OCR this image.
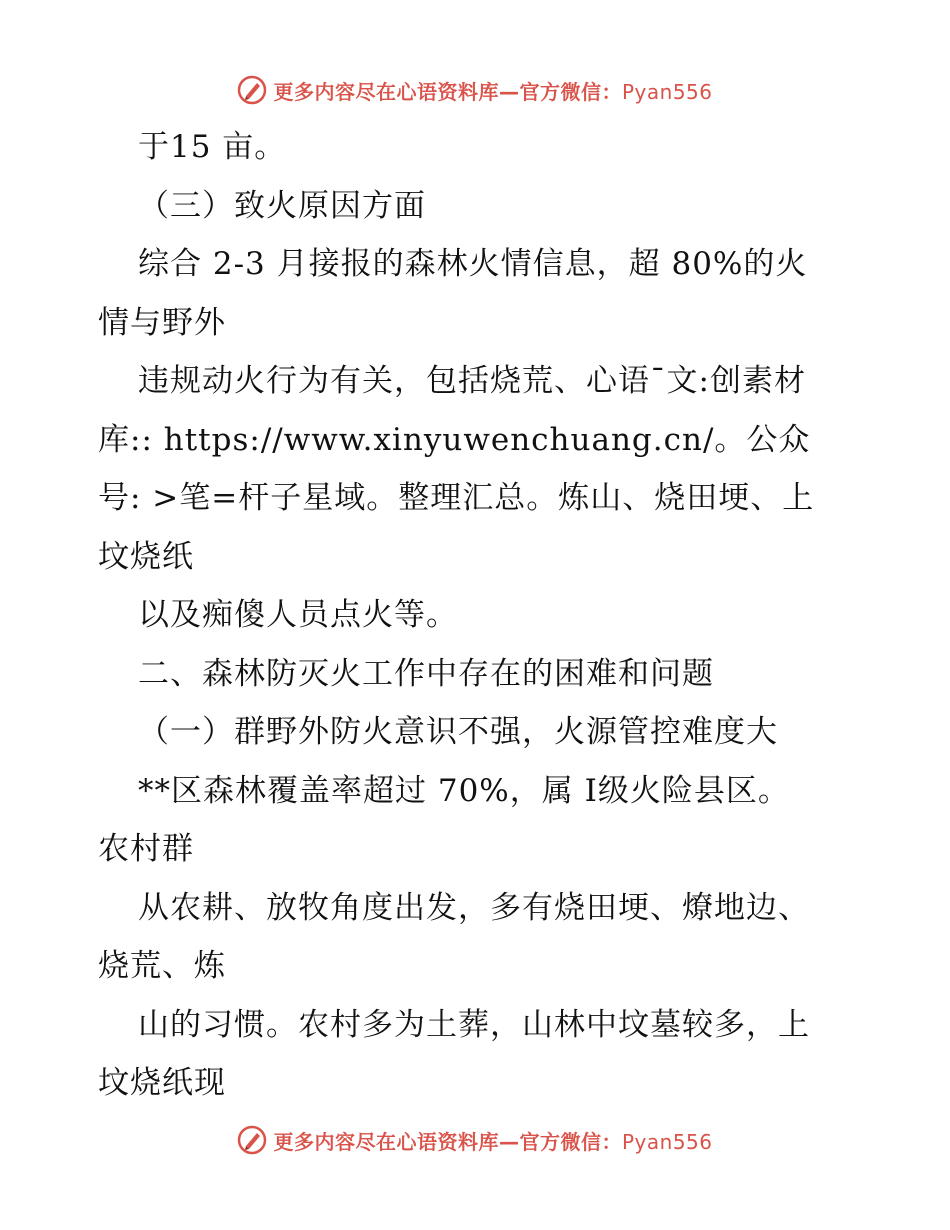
更多内容尽在心语资料库—官方微信：Pyan556
于15 亩。
（三）致火原因方面
综合 2-3 月接报的森林火情信息，超 80%的火
情与野外
违规动火行为有关，包括烧荒、心语¯文:创素材
库:: https://www.xinyuwenchuang.cn/。公众
号: >笔=杆子星域。整理汇总。炼山、烧田埂、上
坟烧纸
以及痴傻人员点火等。
二、森林防灭火工作中存在的困难和问题
（一）群野外防火意识不强，火源管控难度大
**区森林覆盖率超过 70%，属 I级火险县区。
农村群
从农耕、放牧角度出发，多有烧田埂、燎地边、
烧荒、炼
山的习惯。农村多为土葬，山林中坟墓较多，上
坟烧纸现
更多内容尽在心语资料库—官方微信：Pyan556
